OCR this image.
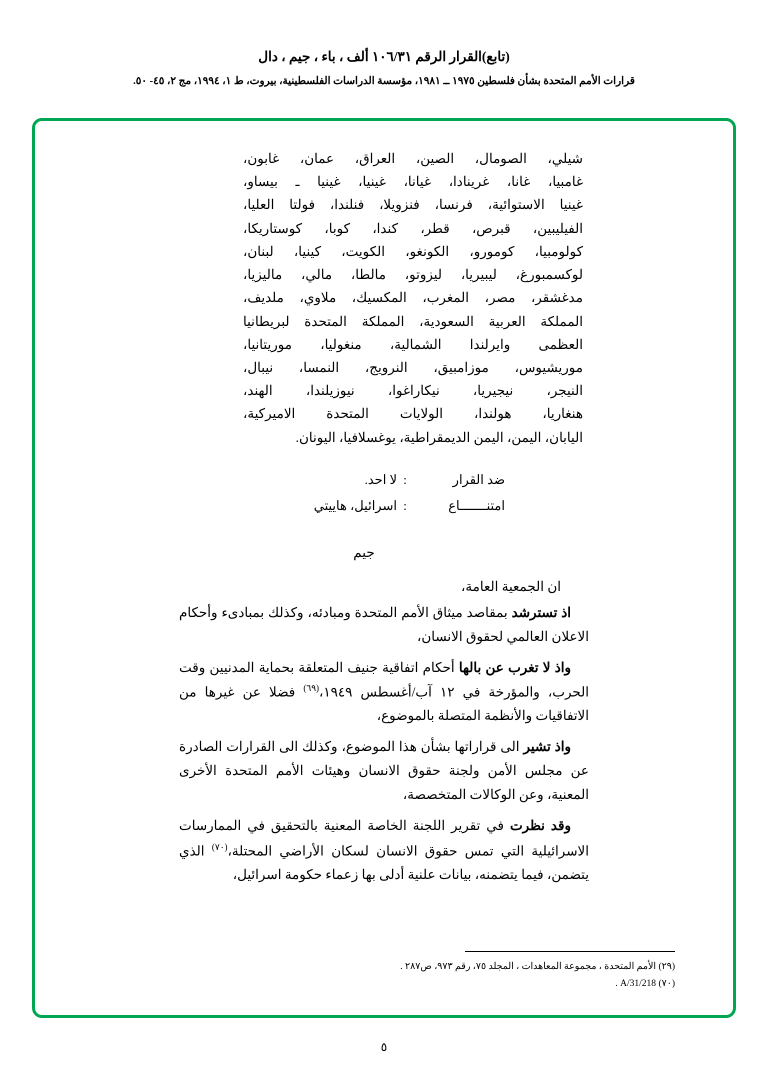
(تابع)القرار الرقم ١٠٦/٣١ ألف ، باء ، جيم ، دال
قرارات الأمم المتحدة بشأن فلسطين ١٩٧٥ ــ ١٩٨١، مؤسسة الدراسات الفلسطينية، بيروت، ط ١، ١٩٩٤، مج ٢، ٤٥- ٥٠.
شيلي، الصومال، الصين، العراق، عمان، غابون،
غامبيا، غانا، غرينادا، غيانا، غينيا، غينيا ـ بيساو،
غينيا الاستوائية، فرنسا، فنزويلا، فنلندا، فولتا العليا،
الفيليبين، قبرص، قطر، كندا، كوبا، كوستاريكا،
كولومبيا، كومورو، الكونغو، الكويت، كينيا، لبنان،
لوكسمبورغ، ليبيريا، ليزوتو، مالطا، مالي، ماليزيا،
مدغشقر، مصر، المغرب، المكسيك، ملاوي، ملديف،
المملكة العربية السعودية، المملكة المتحدة لبريطانيا
العظمى وايرلندا الشمالية، منغوليا، موريتانيا،
موريشيوس، موزامبيق، النرويج، النمسا، نيبال،
النيجر، نيجيريا، نيكاراغوا، نيوزيلندا، الهند،
هنغاريا، هولندا، الولايات المتحدة الاميركية،
اليابان، اليمن، اليمن الديمقراطية، يوغسلافيا، اليونان.
ضد القرار
:
لا احد.
امتنـــــــاع
:
اسرائيل، هاييتي
جيم
ان الجمعية العامة،

اذ تسترشد بمقاصد ميثاق الأمم المتحدة ومبادئه، وكذلك بمبادىء وأحكام الاعلان العالمي لحقوق الانسان،

واذ لا تغرب عن بالها أحكام اتفاقية جنيف المتعلقة بحماية المدنيين وقت الحرب، والمؤرخة في ١٢ آب/أغسطس ١٩٤٩،$^{(٦٩)}$ فضلا عن غيرها من الاتفاقيات والأنظمة المتصلة بالموضوع،

واذ تشير الى قراراتها بشأن هذا الموضوع، وكذلك الى القرارات الصادرة عن مجلس الأمن ولجنة حقوق الانسان وهيئات الأمم المتحدة الأخرى المعنية، وعن الوكالات المتخصصة،

وقد نظرت في تقرير اللجنة الخاصة المعنية بالتحقيق في الممارسات الاسرائيلية التي تمس حقوق الانسان لسكان الأراضي المحتلة،$^{(٧٠)}$ الذي يتضمن، فيما يتضمنه، بيانات علنية أدلى بها زعماء حكومة اسرائيل،

(٢٩) الأمم المتحدة ، مجموعة المعاهدات ، المجلد ٧٥، رقم ٩٧٣، ص٢٨٧ .
(٧٠) A/31/218 .
٥
